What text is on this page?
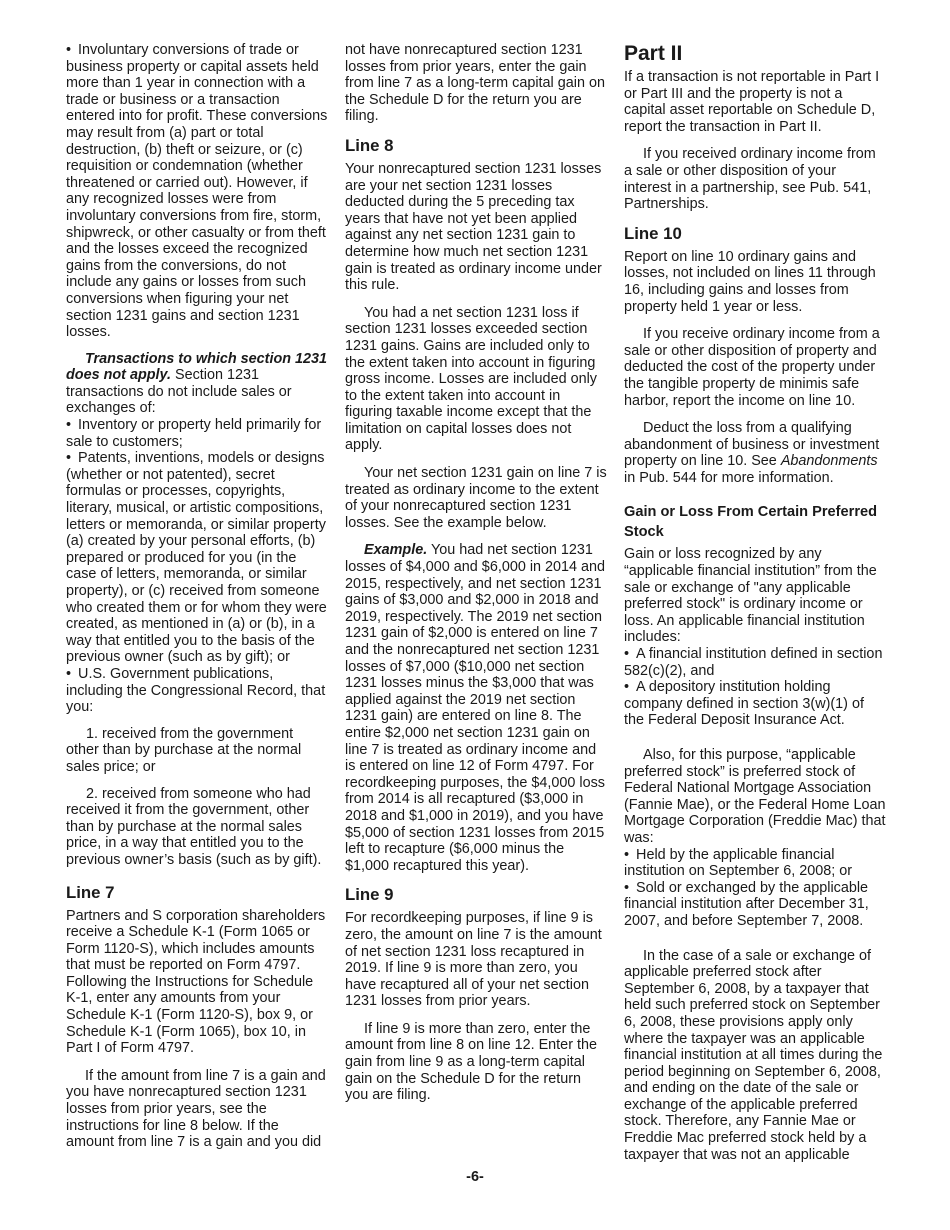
• Involuntary conversions of trade or business property or capital assets held more than 1 year in connection with a trade or business or a transaction entered into for profit. These conversions may result from (a) part or total destruction, (b) theft or seizure, or (c) requisition or condemnation (whether threatened or carried out). However, if any recognized losses were from involuntary conversions from fire, storm, shipwreck, or other casualty or from theft and the losses exceed the recognized gains from the conversions, do not include any gains or losses from such conversions when figuring your net section 1231 gains and section 1231 losses.

Transactions to which section 1231 does not apply. Section 1231 transactions do not include sales or exchanges of:

• Inventory or property held primarily for sale to customers;

• Patents, inventions, models or designs (whether or not patented), secret formulas or processes, copyrights, literary, musical, or artistic compositions, letters or memoranda, or similar property (a) created by your personal efforts, (b) prepared or produced for you (in the case of letters, memoranda, or similar property), or (c) received from someone who created them or for whom they were created, as mentioned in (a) or (b), in a way that entitled you to the basis of the previous owner (such as by gift); or

• U.S. Government publications, including the Congressional Record, that you:

1. received from the government other than by purchase at the normal sales price; or

2. received from someone who had received it from the government, other than by purchase at the normal sales price, in a way that entitled you to the previous owner’s basis (such as by gift).

Line 7

Partners and S corporation shareholders receive a Schedule K-1 (Form 1065 or Form 1120-S), which includes amounts that must be reported on Form 4797. Following the Instructions for Schedule K-1, enter any amounts from your Schedule K-1 (Form 1120-S), box 9, or Schedule K-1 (Form 1065), box 10, in Part I of Form 4797.

If the amount from line 7 is a gain and you have nonrecaptured section 1231 losses from prior years, see the instructions for line 8 below. If the amount from line 7 is a gain and you did

not have nonrecaptured section 1231 losses from prior years, enter the gain from line 7 as a long-term capital gain on the Schedule D for the return you are filing.

Line 8

Your nonrecaptured section 1231 losses are your net section 1231 losses deducted during the 5 preceding tax years that have not yet been applied against any net section 1231 gain to determine how much net section 1231 gain is treated as ordinary income under this rule.

You had a net section 1231 loss if section 1231 losses exceeded section 1231 gains. Gains are included only to the extent taken into account in figuring gross income. Losses are included only to the extent taken into account in figuring taxable income except that the limitation on capital losses does not apply.

Your net section 1231 gain on line 7 is treated as ordinary income to the extent of your nonrecaptured section 1231 losses. See the example below.

Example. You had net section 1231 losses of $4,000 and $6,000 in 2014 and 2015, respectively, and net section 1231 gains of $3,000 and $2,000 in 2018 and 2019, respectively. The 2019 net section 1231 gain of $2,000 is entered on line 7 and the nonrecaptured net section 1231 losses of $7,000 ($10,000 net section 1231 losses minus the $3,000 that was applied against the 2019 net section 1231 gain) are entered on line 8. The entire $2,000 net section 1231 gain on line 7 is treated as ordinary income and is entered on line 12 of Form 4797. For recordkeeping purposes, the $4,000 loss from 2014 is all recaptured ($3,000 in 2018 and $1,000 in 2019), and you have $5,000 of section 1231 losses from 2015 left to recapture ($6,000 minus the $1,000 recaptured this year).

Line 9

For recordkeeping purposes, if line 9 is zero, the amount on line 7 is the amount of net section 1231 loss recaptured in 2019. If line 9 is more than zero, you have recaptured all of your net section 1231 losses from prior years.

If line 9 is more than zero, enter the amount from line 8 on line 12. Enter the gain from line 9 as a long-term capital gain on the Schedule D for the return you are filing.

Part II

If a transaction is not reportable in Part I or Part III and the property is not a capital asset reportable on Schedule D, report the transaction in Part II.

If you received ordinary income from a sale or other disposition of your interest in a partnership, see Pub. 541, Partnerships.

Line 10

Report on line 10 ordinary gains and losses, not included on lines 11 through 16, including gains and losses from property held 1 year or less.

If you receive ordinary income from a sale or other disposition of property and deducted the cost of the property under the tangible property de minimis safe harbor, report the income on line 10.

Deduct the loss from a qualifying abandonment of business or investment property on line 10. See Abandonments in Pub. 544 for more information.

Gain or Loss From Certain Preferred Stock

Gain or loss recognized by any “applicable financial institution” from the sale or exchange of "any applicable preferred stock" is ordinary income or loss. An applicable financial institution includes:

• A financial institution defined in section 582(c)(2), and

• A depository institution holding company defined in section 3(w)(1) of the Federal Deposit Insurance Act.

Also, for this purpose, “applicable preferred stock” is preferred stock of Federal National Mortgage Association (Fannie Mae), or the Federal Home Loan Mortgage Corporation (Freddie Mac) that was:

• Held by the applicable financial institution on September 6, 2008; or

• Sold or exchanged by the applicable financial institution after December 31, 2007, and before September 7, 2008.

In the case of a sale or exchange of applicable preferred stock after September 6, 2008, by a taxpayer that held such preferred stock on September 6, 2008, these provisions apply only where the taxpayer was an applicable financial institution at all times during the period beginning on September 6, 2008, and ending on the date of the sale or exchange of the applicable preferred stock. Therefore, any Fannie Mae or Freddie Mac preferred stock held by a taxpayer that was not an applicable

-6-
